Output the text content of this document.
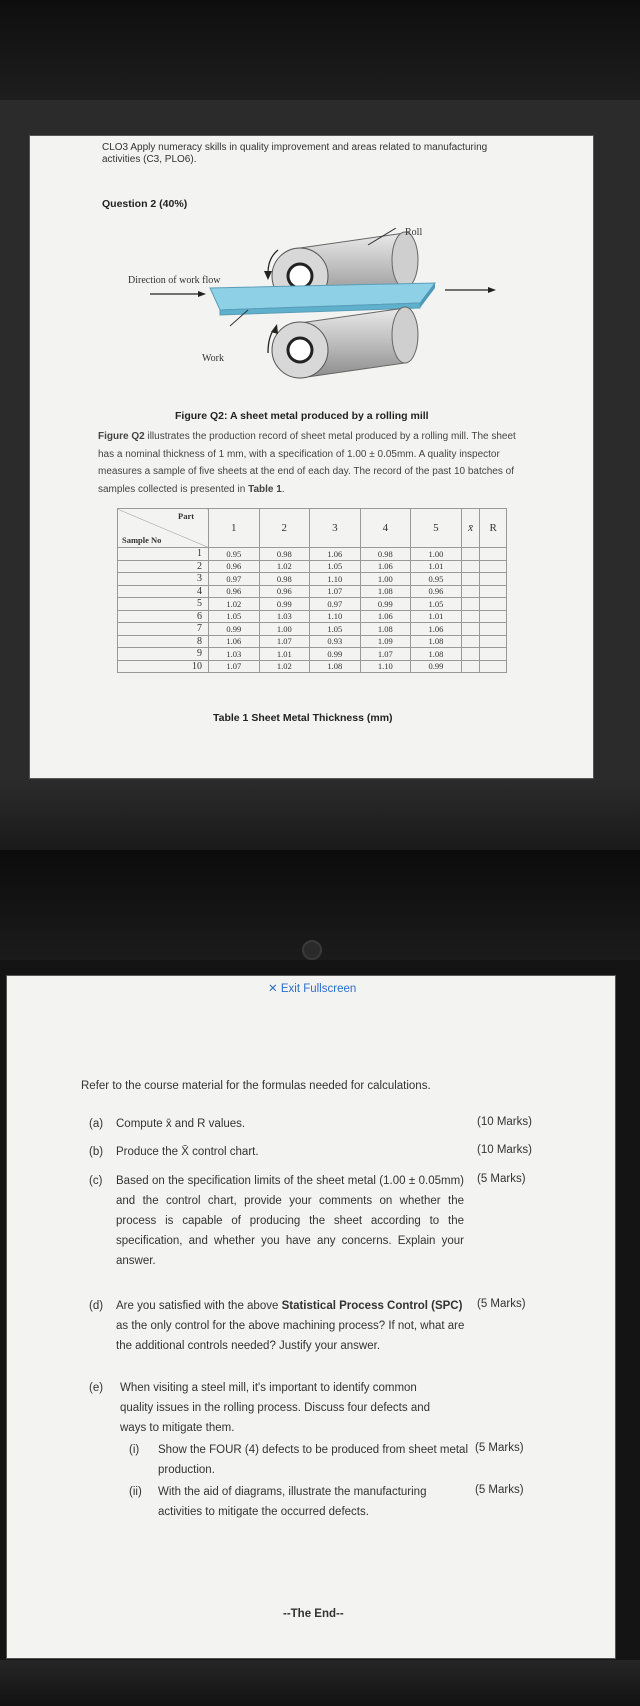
CLO3 Apply numeracy skills in quality improvement and areas related to manufacturing activities (C3, PLO6).
Question 2 (40%)
Roll
Direction of work flow
Work
Figure Q2: A sheet metal produced by a rolling mill
Figure Q2 illustrates the production record of sheet metal produced by a rolling mill. The sheet has a nominal thickness of 1 mm, with a specification of 1.00 ± 0.05mm. A quality inspector measures a sample of five sheets at the end of each day. The record of the past 10 batches of samples collected is presented in Table 1.
Part
Sample No	1	2	3	4	5	x̄	R
1	0.95	0.98	1.06	0.98	1.00		
2	0.96	1.02	1.05	1.06	1.01		
3	0.97	0.98	1.10	1.00	0.95		
4	0.96	0.96	1.07	1.08	0.96		
5	1.02	0.99	0.97	0.99	1.05		
6	1.05	1.03	1.10	1.06	1.01		
7	0.99	1.00	1.05	1.08	1.06		
8	1.06	1.07	0.93	1.09	1.08		
9	1.03	1.01	0.99	1.07	1.08		
10	1.07	1.02	1.08	1.10	0.99		
Table 1 Sheet Metal Thickness (mm)
✕ Exit Fullscreen
Refer to the course material for the formulas needed for calculations.
(a) Compute x̄ and R values.	(10 Marks)
(b) Produce the X̄ control chart.	(10 Marks)
(c) Based on the specification limits of the sheet metal (1.00 ± 0.05mm) and the control chart, provide your comments on whether the process is capable of producing the sheet according to the specification, and whether you have any concerns. Explain your answer.
(5 Marks)
(d) Are you satisfied with the above Statistical Process Control (SPC) as the only control for the above machining process? If not, what are the additional controls needed? Justify your answer.
(5 Marks)
(e) When visiting a steel mill, it's important to identify common quality issues in the rolling process. Discuss four defects and ways to mitigate them.
(i) Show the FOUR (4) defects to be produced from sheet metal production.
(5 Marks)
(ii) With the aid of diagrams, illustrate the manufacturing activities to mitigate the occurred defects.
(5 Marks)
--The End--
